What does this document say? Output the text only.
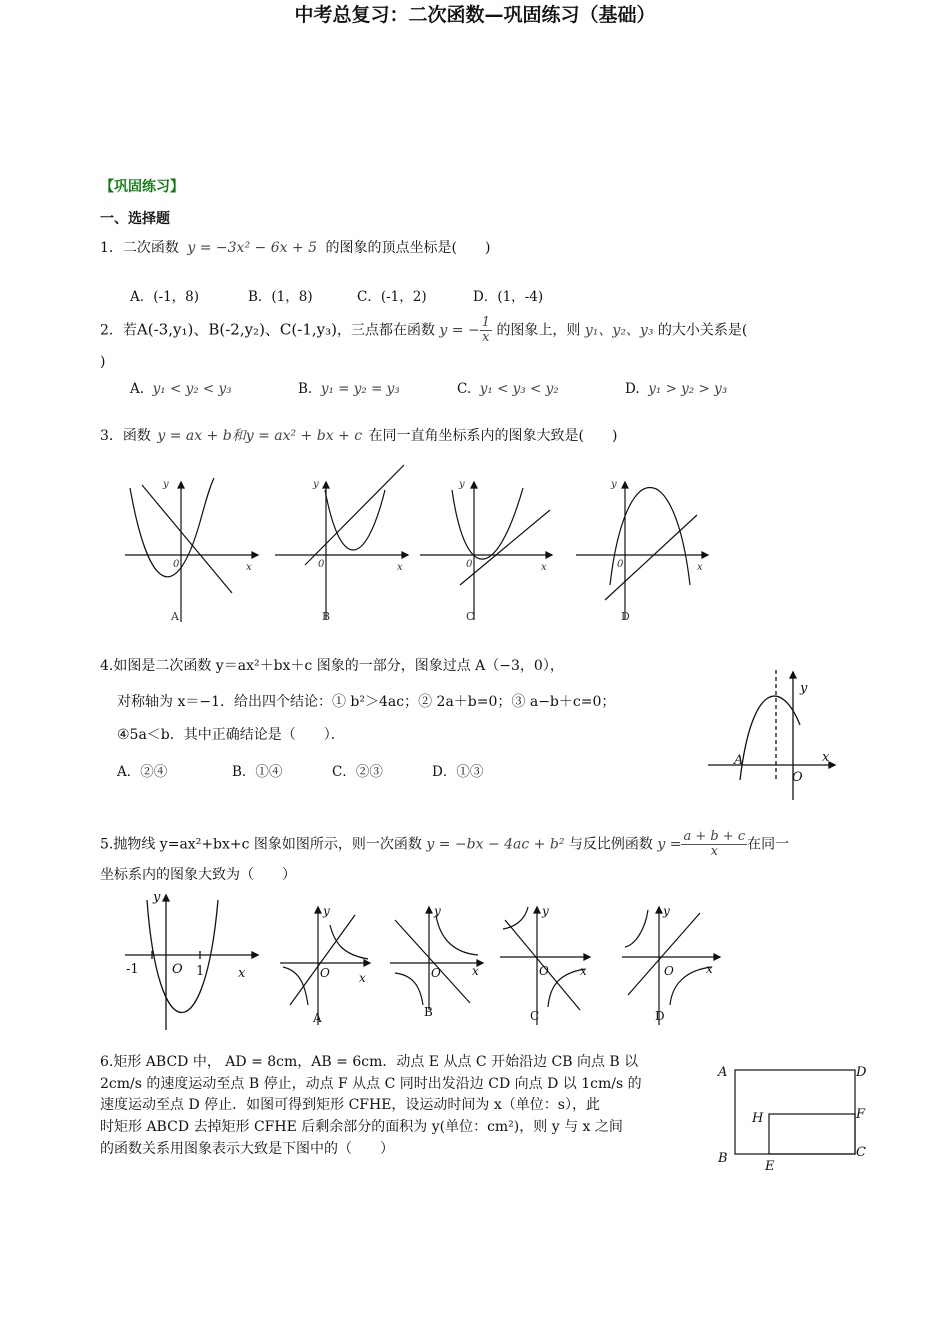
中考总复习：二次函数—巩固练习（基础）
【巩固练习】
一、选择题
1．二次函数 y = −3x² − 6x + 5 的图象的顶点坐标是(　　)
A．(-1，8)	B．(1，8)	C．(-1，2)	D．(1，-4)
2．若A(-3,y₁)、B(-2,y₂)、C(-1,y₃)，三点都在函数 y = − $\frac{1}{x}$ 的图象上，则 y₁、y₂、y₃ 的大小关系是(
)
A. y₁ < y₂ < y₃	B. y₁ = y₂ = y₃	C. y₁ < y₃ < y₂	D. y₁ > y₂ > y₃
3．函数 y = ax + b和y = ax² + bx + c 在同一直角坐标系内的图象大致是(　　)
y
x
0
y
x
0
y
x
0
y
x
0
A	B	C	D
4.如图是二次函数 y＝ax²＋bx＋c 图象的一部分，图象过点 A（−3，0），
对称轴为 x＝−1．给出四个结论：① b²＞4ac；② 2a＋b=0；③ a−b＋c=0；
④5a＜b．其中正确结论是（　　）．
A．②④	B．①④	C．②③	D．①③
A
O
x
y
5.抛物线 y=ax²+bx+c 图象如图所示，则一次函数 y = −bx − 4ac + b² 与反比例函数 $y = \frac{a + b + c}{x}$ 在同一
坐标系内的图象大致为（　　）
y
x
O
-1	1
y
x
O
y
x
O
y
x
O
y
x
O
A	B	C	D
6.矩形 ABCD 中， AD = 8cm，AB = 6cm．动点 E 从点 C 开始沿边 CB 向点 B 以
2cm/s 的速度运动至点 B 停止，动点 F 从点 C 同时出发沿边 CD 向点 D 以 1cm/s 的
速度运动至点 D 停止．如图可得到矩形 CFHE，设运动时间为 x（单位：s），此
时矩形 ABCD 去掉矩形 CFHE 后剩余部分的面积为 y(单位：cm²)，则 y 与 x 之间
的函数关系用图象表示大致是下图中的（　　）
A	D
B	C
H	F
E
